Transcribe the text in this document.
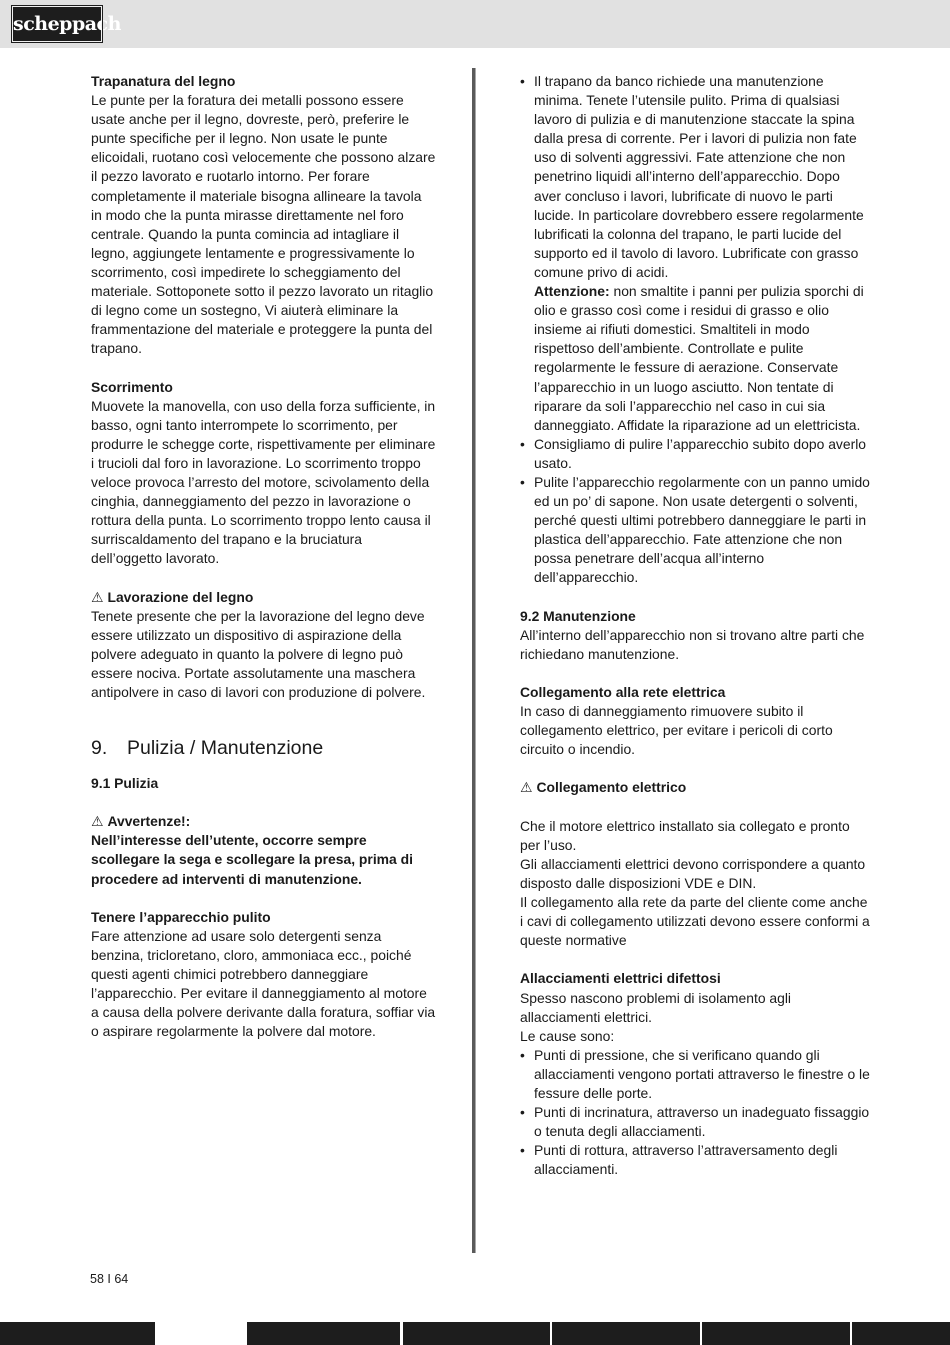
scheppach

Trapanatura del legno

Le punte per la foratura dei metalli possono essere usate anche per il legno, dovreste, però, preferire le punte specifiche per il legno. Non usate le punte elicoidali, ruotano così velocemente che possono alzare il pezzo lavorato e ruotarlo intorno. Per forare completamente il materiale bisogna allineare la tavola in modo che la punta mirasse direttamente nel foro centrale. Quando la punta comincia ad intagliare il legno, aggiungete lentamente e progressivamente lo scorrimento, così impedirete lo scheggiamento del materiale. Sottoponete sotto il pezzo lavorato un ritaglio di legno come un sostegno, Vi aiuterà eliminare la frammentazione del materiale e proteggere la punta del trapano.

Scorrimento

Muovete la manovella, con uso della forza sufficiente, in basso, ogni tanto interrompete lo scorrimento, per produrre le schegge corte, rispettivamente per eliminare i trucioli dal foro in lavorazione. Lo scorrimento troppo veloce provoca l’arresto del motore, scivolamento della cinghia, danneggiamento del pezzo in lavorazione o rottura della punta. Lo scorrimento troppo lento causa il surriscaldamento del trapano e la bruciatura dell’oggetto lavorato.

⚠ Lavorazione del legno

Tenete presente che per la lavorazione del legno deve essere utilizzato un dispositivo di aspirazione della polvere adeguato in quanto la polvere di legno può essere nociva. Portate assolutamente una maschera antipolvere in caso di lavori con produzione di polvere.

9. Pulizia / Manutenzione

9.1 Pulizia

⚠ Avvertenze!:

Nell’interesse dell’utente, occorre sempre scollegare la sega e scollegare la presa, prima di procedere ad interventi di manutenzione.

Tenere l’apparecchio pulito

Fare attenzione ad usare solo detergenti senza benzina, tricloretano, cloro, ammoniaca ecc., poiché questi agenti chimici potrebbero danneggiare l’apparecchio. Per evitare il danneggiamento al motore a causa della polvere derivante dalla foratura, soffiar via o aspirare regolarmente la polvere dal motore.

• Il trapano da banco richiede una manutenzione minima. Tenete l’utensile pulito. Prima di qualsiasi lavoro di pulizia e di manutenzione staccate la spina dalla presa di corrente. Per i lavori di pulizia non fate uso di solventi aggressivi. Fate attenzione che non penetrino liquidi all’interno dell’apparecchio. Dopo aver concluso i lavori, lubrificate di nuovo le parti lucide. In particolare dovrebbero essere regolarmente lubrificati la colonna del trapano, le parti lucide del supporto ed il tavolo di lavoro. Lubrificate con grasso comune privo di acidi.
Attenzione: non smaltite i panni per pulizia sporchi di olio e grasso così come i residui di grasso e olio insieme ai rifiuti domestici. Smaltiteli in modo rispettoso dell’ambiente. Controllate e pulite regolarmente le fessure di aerazione. Conservate l’apparecchio in un luogo asciutto. Non tentate di riparare da soli l’apparecchio nel caso in cui sia danneggiato. Affidate la riparazione ad un elettricista.
• Consigliamo di pulire l’apparecchio subito dopo averlo usato.
• Pulite l’apparecchio regolarmente con un panno umido ed un po’ di sapone. Non usate detergenti o solventi, perché questi ultimi potrebbero danneggiare le parti in plastica dell’apparecchio. Fate attenzione che non possa penetrare dell’acqua all’interno dell’apparecchio.

9.2 Manutenzione

All’interno dell’apparecchio non si trovano altre parti che richiedano manutenzione.

Collegamento alla rete elettrica

In caso di danneggiamento rimuovere subito il collegamento elettrico, per evitare i pericoli di corto circuito o incendio.

⚠ Collegamento elettrico

Che il motore elettrico installato sia collegato e pronto per l’uso.

Gli allacciamenti elettrici devono corrispondere a quanto disposto dalle disposizioni VDE e DIN.

Il collegamento alla rete da parte del cliente come anche i cavi di collegamento utilizzati devono essere conformi a queste normative

Allacciamenti elettrici difettosi

Spesso nascono problemi di isolamento agli allacciamenti elettrici.

Le cause sono:

• Punti di pressione, che si verificano quando gli allacciamenti vengono portati attraverso le finestre o le fessure delle porte.
• Punti di incrinatura, attraverso un inadeguato fissaggio o tenuta degli allacciamenti.
• Punti di rottura, attraverso l’attraversamento degli allacciamenti.
58 I 64
